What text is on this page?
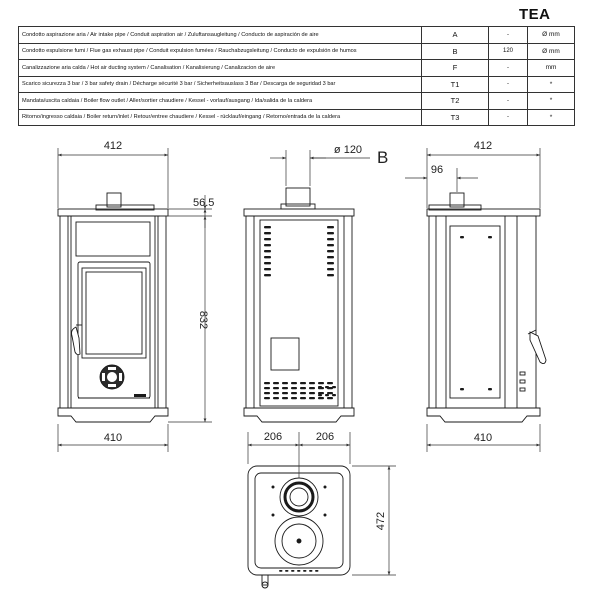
TEA
Condotto aspirazione aria / Air intake pipe / Conduit aspiration air / Zuluftansaugleitung / Conducto de aspiración de aire	A	-	Ø mm
Condotto espulsione fumi / Flue gas exhaust pipe / Conduit expulsion fumées / Rauchabzugsleitung / Conducto de expulsión de humos	B	120	Ø mm
Canalizzazione aria calda / Hot air ducting system / Canalisation / Kanalisierung / Canalizacion de aire	F	-	mm
Scarico sicurezza 3 bar / 3 bar safety drain / Décharge sécurité 3 bar / Sicherheitsauslass 3 Bar / Descarga de seguridad 3 bar	T1	-	*
Mandata/uscita caldaia / Boiler flow outlet / Aller/sortier chaudiere / Kessel - vorlauf/ausgang / Ida/salida de la caldera	T2	-	*
Ritorno/ingresso caldaia / Boiler return/inlet / Retour/entree chaudiere / Kessel - rücklauf/eingang / Retorno/entrada de la caldera	T3	-	*
412
56.5
832
410
ø 120 B
412
96
410
206	206
472
